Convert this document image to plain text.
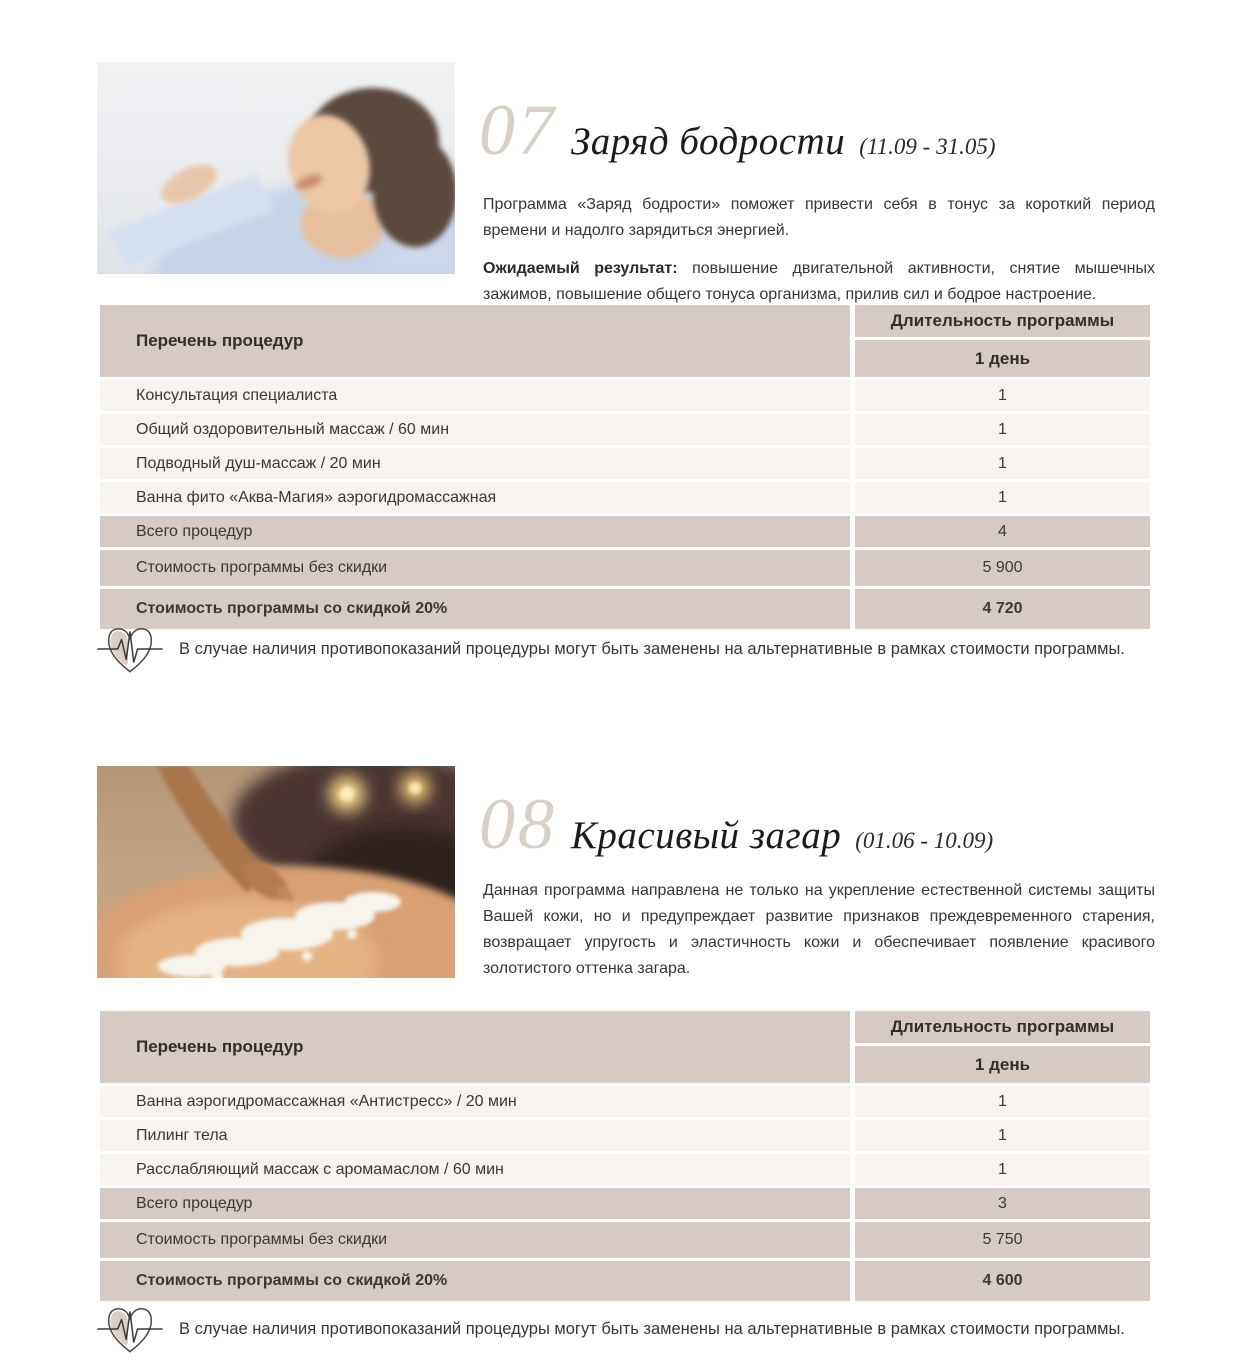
07 Заряд бодрости (11.09 - 31.05)

Программа «Заряд бодрости» поможет привести себя в тонус за короткий период времени и надолго зарядиться энергией.

Ожидаемый результат: повышение двигательной активности, снятие мышечных зажимов, повышение общего тонуса организма, прилив сил и бодрое настроение.

Перечень процедур
Длительность программы
1 день
Консультация специалиста	1
Общий оздоровительный массаж / 60 мин	1
Подводный душ-массаж / 20 мин	1
Ванна фито «Аква-Магия» аэрогидромассажная	1
Всего процедур	4
Стоимость программы без скидки	5 900
Стоимость программы со скидкой 20%	4 720
В случае наличия противопоказаний процедуры могут быть заменены на альтернативные в рамках стоимости программы.
08 Красивый загар (01.06 - 10.09)

Данная программа направлена не только на укрепление естественной системы защиты Вашей кожи, но и предупреждает развитие признаков преждевременного старения, возвращает упругость и эластичность кожи и обеспечивает появление красивого золотистого оттенка загара.

Перечень процедур
Длительность программы
1 день
Ванна аэрогидромассажная «Антистресс» / 20 мин	1
Пилинг тела	1
Расслабляющий массаж с аромамаслом / 60 мин	1
Всего процедур	3
Стоимость программы без скидки	5 750
Стоимость программы со скидкой 20%	4 600
В случае наличия противопоказаний процедуры могут быть заменены на альтернативные в рамках стоимости программы.
